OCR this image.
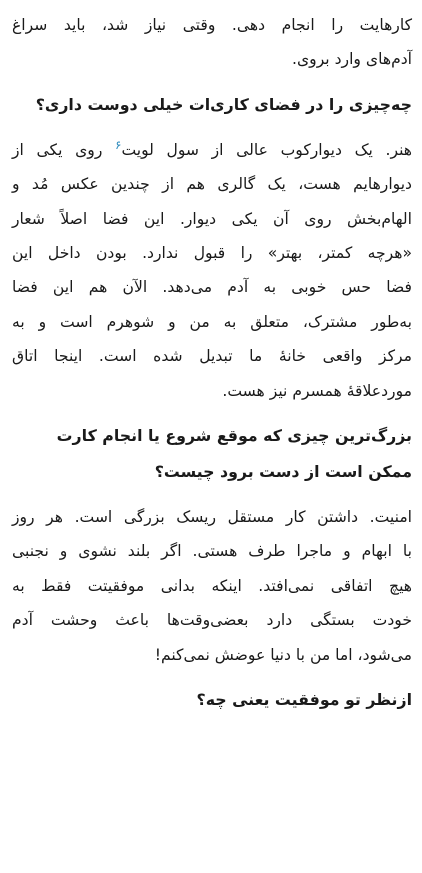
کارهایت را انجام دهی. وقتی نیاز شد، باید سراغ
آدم‌های وارد بروی.
چه‌چیزی را در فضای کاری‌ات خیلی دوست داری؟
هنر. یک دیوارکوب عالی از سول لویت$^۶$ روی یکی از
دیوارهایم هست، یک گالری هم از چندین عکس مُد و
الهام‌بخش روی آن یکی دیوار. این فضا اصلاً شعار
«هرچه کمتر، بهتر» را قبول ندارد. بودن داخل این
فضا حس خوبی به آدم می‌دهد. الآن هم این فضا
به‌طور مشترک، متعلق به من و شوهرم است و به
مرکز واقعی خانهٔ ما تبدیل شده است. اینجا اتاق
موردعلاقهٔ همسرم نیز هست.
بزرگ‌ترین چیزی که موقع شروع یا انجام کارت
ممکن است از دست برود چیست؟
امنیت. داشتن کار مستقل ریسک بزرگی است. هر روز
با ابهام و ماجرا طرف هستی. اگر بلند نشوی و نجنبی
هیچ اتفاقی نمی‌افتد. اینکه بدانی موفقیتت فقط به
خودت بستگی دارد بعضی‌وقت‌ها باعث وحشت آدم
می‌شود، اما من با دنیا عوضش نمی‌کنم!
ازنظر تو موفقیت یعنی چه؟
